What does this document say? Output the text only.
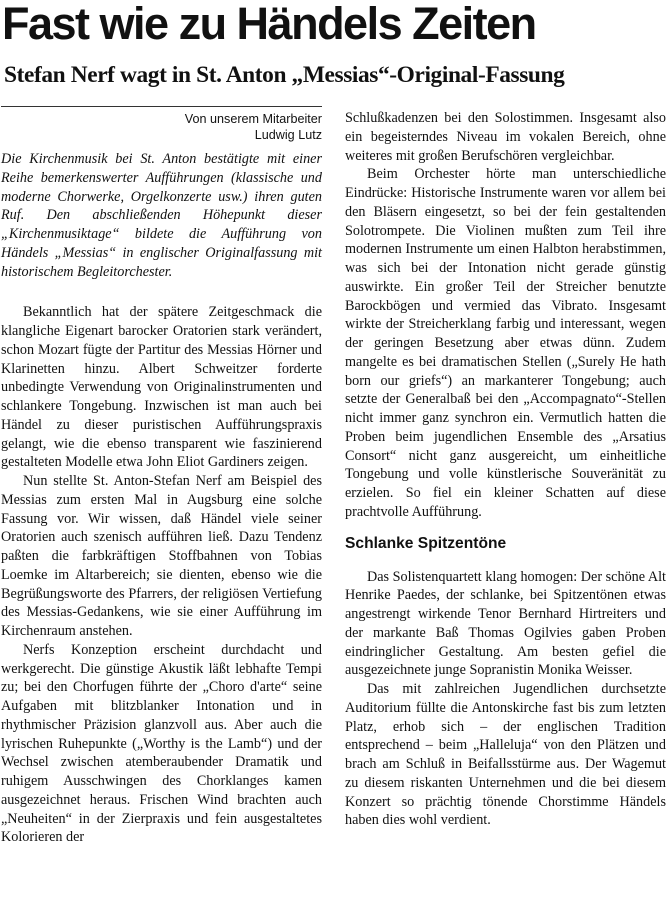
Fast wie zu Händels Zeiten
Stefan Nerf wagt in St. Anton „Messias“-Original-Fassung

Von unserem Mitarbeiter

Ludwig Lutz

Die Kirchenmusik bei St. Anton bestätigte mit einer Reihe bemerkenswerter Aufführungen (klassische und moderne Chorwerke, Orgelkonzerte usw.) ihren guten Ruf. Den abschließenden Höhepunkt dieser „Kirchenmusiktage“ bildete die Aufführung von Händels „Messias“ in englischer Originalfassung mit historischem Begleitorchester.

Bekanntlich hat der spätere Zeitgeschmack die klangliche Eigenart barocker Oratorien stark verändert, schon Mozart fügte der Partitur des Messias Hörner und Klarinetten hinzu. Albert Schweitzer forderte unbedingte Verwendung von Originalinstrumenten und schlankere Tongebung. Inzwischen ist man auch bei Händel zu dieser puristischen Aufführungspraxis gelangt, wie die ebenso transparent wie faszinierend gestalteten Modelle etwa John Eliot Gardiners zeigen.

Nun stellte St. Anton-Stefan Nerf am Beispiel des Messias zum ersten Mal in Augsburg eine solche Fassung vor. Wir wissen, daß Händel viele seiner Oratorien auch szenisch aufführen ließ. Dazu Tendenz paßten die farbkräftigen Stoffbahnen von Tobias Loemke im Altarbereich; sie dienten, ebenso wie die Begrüßungsworte des Pfarrers, der religiösen Vertiefung des Messias-Gedankens, wie sie einer Aufführung im Kirchenraum anstehen.

Nerfs Konzeption erscheint durchdacht und werkgerecht. Die günstige Akustik läßt lebhafte Tempi zu; bei den Chorfugen führte der „Choro d'arte“ seine Aufgaben mit blitzblanker Intonation und in rhythmischer Präzision glanzvoll aus. Aber auch die lyrischen Ruhepunkte („Worthy is the Lamb“) und der Wechsel zwischen atemberaubender Dramatik und ruhigem Ausschwingen des Chorklanges kamen ausgezeichnet heraus. Frischen Wind brachten auch „Neuheiten“ in der Zierpraxis und fein ausgestaltetes Kolorieren der

Schlußkadenzen bei den Solostimmen. Insgesamt also ein begeisterndes Niveau im vokalen Bereich, ohne weiteres mit großen Berufschören vergleichbar.

Beim Orchester hörte man unterschiedliche Eindrücke: Historische Instrumente waren vor allem bei den Bläsern eingesetzt, so bei der fein gestaltenden Solotrompete. Die Violinen mußten zum Teil ihre modernen Instrumente um einen Halbton herabstimmen, was sich bei der Intonation nicht gerade günstig auswirkte. Ein großer Teil der Streicher benutzte Barockbögen und vermied das Vibrato. Insgesamt wirkte der Streicherklang farbig und interessant, wegen der geringen Besetzung aber etwas dünn. Zudem mangelte es bei dramatischen Stellen („Surely He hath born our griefs“) an markanterer Tongebung; auch setzte der Generalbaß bei den „Accompagnato“-Stellen nicht immer ganz synchron ein. Vermutlich hatten die Proben beim jugendlichen Ensemble des „Arsatius Consort“ nicht ganz ausgereicht, um einheitliche Tongebung und volle künstlerische Souveränität zu erzielen. So fiel ein kleiner Schatten auf diese prachtvolle Aufführung.

Schlanke Spitzentöne

Das Solistenquartett klang homogen: Der schöne Alt Henrike Paedes, der schlanke, bei Spitzentönen etwas angestrengt wirkende Tenor Bernhard Hirtreiters und der markante Baß Thomas Ogilvies gaben Proben eindringlicher Gestaltung. Am besten gefiel die ausgezeichnete junge Sopranistin Monika Weisser.

Das mit zahlreichen Jugendlichen durchsetzte Auditorium füllte die Antonskirche fast bis zum letzten Platz, erhob sich – der englischen Tradition entsprechend – beim „Halleluja“ von den Plätzen und brach am Schluß in Beifallsstürme aus. Der Wagemut zu diesem riskanten Unternehmen und die bei diesem Konzert so prächtig tönende Chorstimme Händels haben dies wohl verdient.
